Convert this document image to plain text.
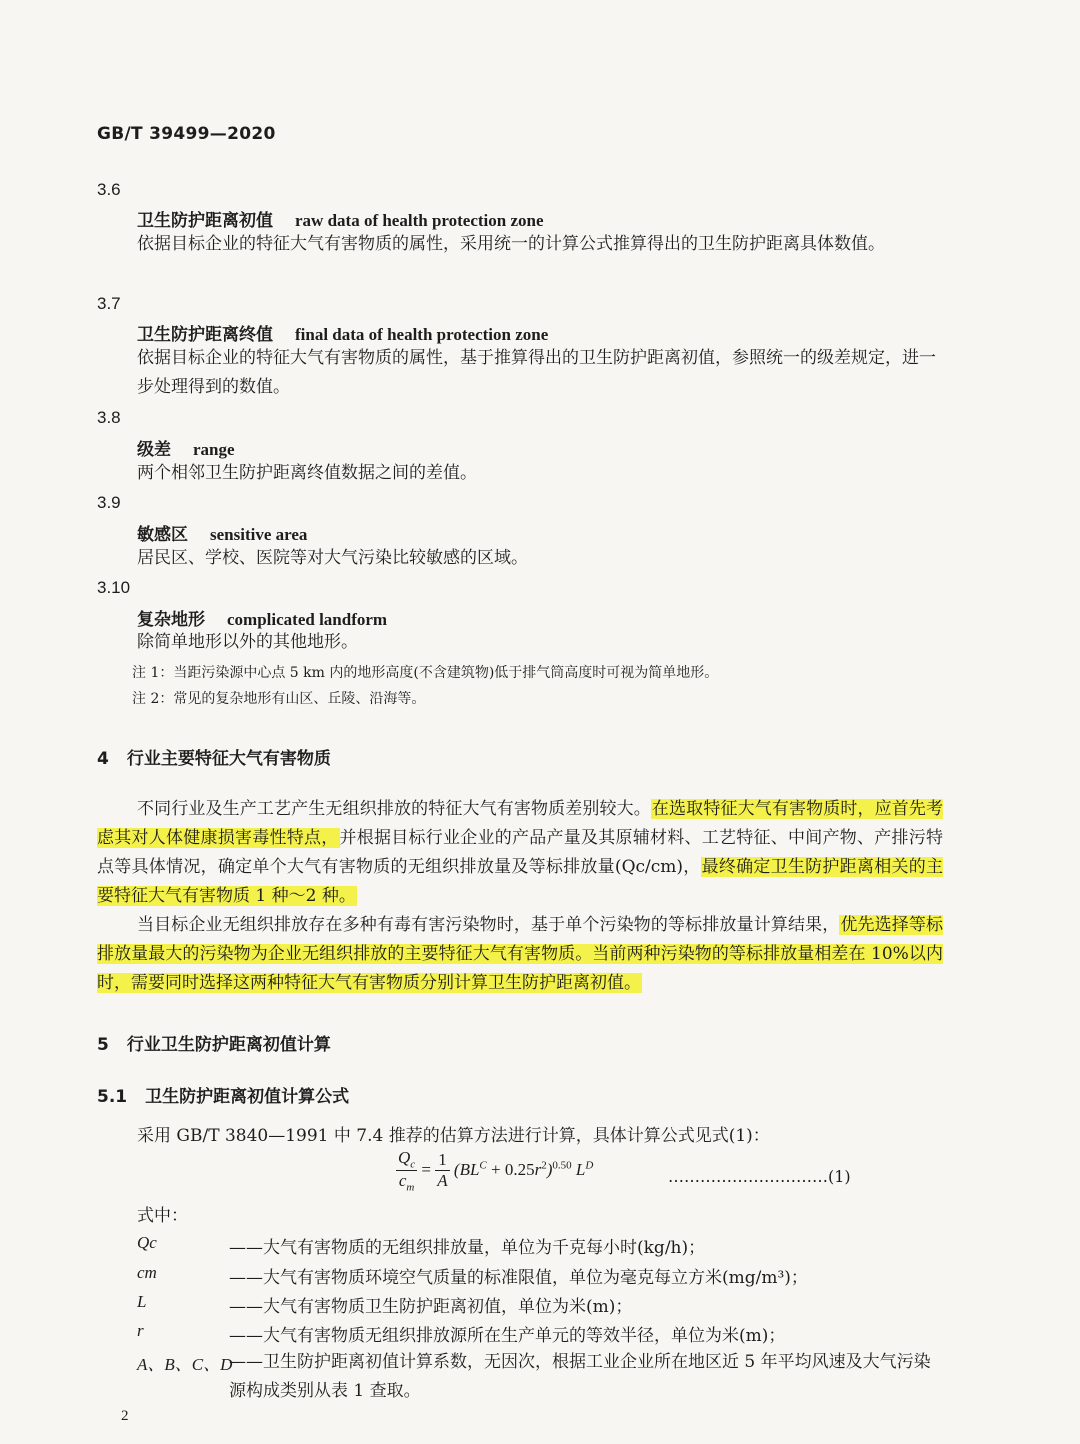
GB/T 39499—2020
3.6
卫生防护距离初值 raw data of health protection zone
依据目标企业的特征大气有害物质的属性，采用统一的计算公式推算得出的卫生防护距离具体数值。
3.7
卫生防护距离终值 final data of health protection zone
依据目标企业的特征大气有害物质的属性，基于推算得出的卫生防护距离初值，参照统一的级差规定，进一步处理得到的数值。
3.8
级差 range
两个相邻卫生防护距离终值数据之间的差值。
3.9
敏感区 sensitive area
居民区、学校、医院等对大气污染比较敏感的区域。
3.10
复杂地形 complicated landform
除简单地形以外的其他地形。
注 1：当距污染源中心点 5 km 内的地形高度(不含建筑物)低于排气筒高度时可视为简单地形。
注 2：常见的复杂地形有山区、丘陵、沿海等。
4 行业主要特征大气有害物质
不同行业及生产工艺产生无组织排放的特征大气有害物质差别较大。在选取特征大气有害物质时，应首先考虑其对人体健康损害毒性特点，并根据目标行业企业的产品产量及其原辅材料、工艺特征、中间产物、产排污特点等具体情况，确定单个大气有害物质的无组织排放量及等标排放量(Qc/cm)，最终确定卫生防护距离相关的主要特征大气有害物质 1 种～2 种。
当目标企业无组织排放存在多种有毒有害污染物时，基于单个污染物的等标排放量计算结果，优先选择等标排放量最大的污染物为企业无组织排放的主要特征大气有害物质。当前两种污染物的等标排放量相差在 10%以内时，需要同时选择这两种特征大气有害物质分别计算卫生防护距离初值。
5 行业卫生防护距离初值计算
5.1 卫生防护距离初值计算公式
采用 GB/T 3840—1991 中 7.4 推荐的估算方法进行计算，具体计算公式见式(1)：
$\frac{Q_c}{c_m} = \frac{1}{A} (BL^C + 0.25r^2)^{0.50}$ $L^D$
…………………………(1)
式中：
Qc	——大气有害物质的无组织排放量，单位为千克每小时(kg/h)；
cm	——大气有害物质环境空气质量的标准限值，单位为毫克每立方米(mg/m³)；
L	——大气有害物质卫生防护距离初值，单位为米(m)；
r	——大气有害物质无组织排放源所在生产单元的等效半径，单位为米(m)；
A、B、C、D
——卫生防护距离初值计算系数，无因次，根据工业企业所在地区近 5 年平均风速及大气污染源构成类别从表 1 查取。
2
